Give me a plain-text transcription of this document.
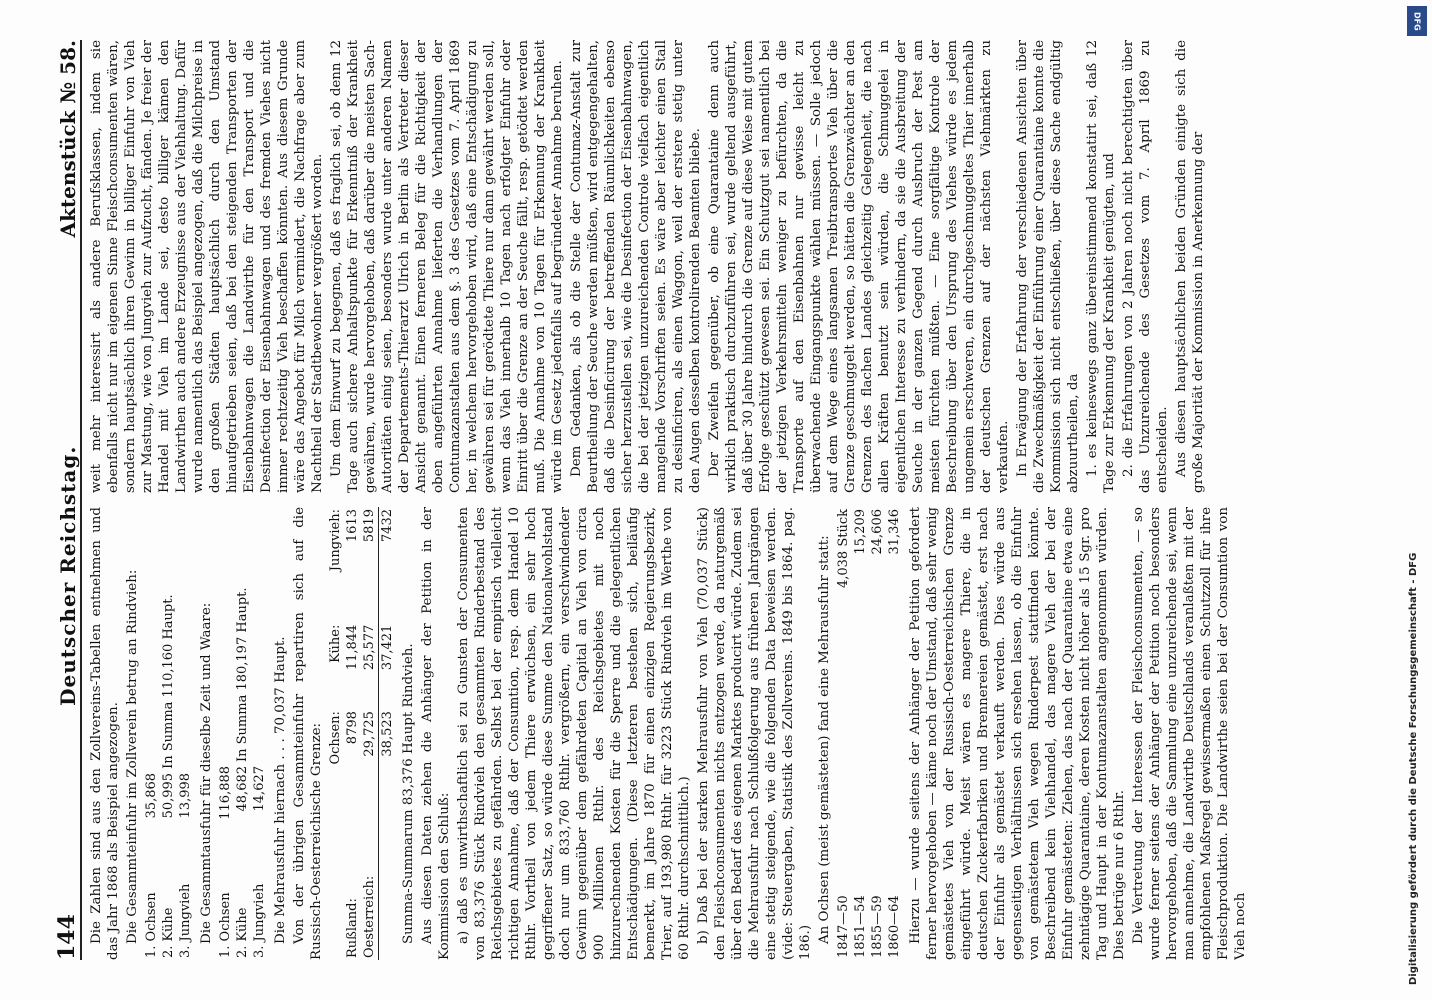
144
Deutscher Reichstag.
Aktenstück № 58.

Die Zahlen sind aus den Zollvereins-Tabellen entnehmen und das Jahr 1868 als Beispiel angezogen. Die Gesammteinfuhr im Zollverein betrug an Rindvieh: 1. Ochsen	35,868	
2. Kühe	50,995	In Summa 110,160 Haupt.
3. Jungvieh	13,998	Die Gesammtausfuhr für dieselbe Zeit und Waare: 1. Ochsen	116,888	
2. Kühe	48,682	In Summa 180,197 Haupt.
3. Jungvieh	14,627	Die Mehrausfuhr hiernach . . . 70,037 Haupt. Von der übrigen Gesammteinfuhr repartiren sich auf die Russisch-Oesterreichische Grenze:

	Ochsen:	Kühe:	Jungvieh:
Rußland:	8798	11,844	1613
Oesterreich:	29,725	25,577	5819
	38,523	37,421	7432

Summa-Summarum 83,376 Haupt Rindvieh. Aus diesen Daten ziehen die Anhänger der Petition in der Kommission den Schluß: a) daß es unwirthschaftlich sei zu Gunsten der Consumenten von 83,376 Stück Rindvieh den gesammten Rinderbestand des Reichsgebietes zu gefährden. Selbst bei der empirisch vielleicht richtigen Annahme, daß der Consumtion, resp. dem Handel 10 Rthlr. Vortheil von jedem Thiere erwüchsen, ein sehr hoch gegriffener Satz, so würde diese Summe den Nationalwohlstand doch nur um 833,760 Rthlr. vergrößern, ein verschwindender Gewinn gegenüber dem gefährdeten Capital an Vieh von circa 900 Millionen Rthlr. des Reichsgebietes mit noch hinzurechnenden Kosten für die Sperre und die gelegentlichen Entschädigungen. (Diese letzteren bestehen sich, beiläufig bemerkt, im Jahre 1870 für einen einzigen Regierungsbezirk, Trier, auf 193,980 Rthlr. für 3223 Stück Rindvieh im Werthe von 60 Rthlr. durchschnittlich.) b) Daß bei der starken Mehrausfuhr von Vieh (70,037 Stück) den Fleischconsumenten nichts entzogen werde, da naturgemäß über den Bedarf des eigenen Marktes producirt würde. Zudem sei die Mehrausfuhr nach Schlußfolgerung aus früheren Jahrgängen eine stetig steigende, wie die folgenden Data beweisen werden. (vide: Steuergaben, Statistik des Zollvereins. 1849 bis 1864. pag. 186.) An Ochsen (meist gemästeten) fand eine Mehrausfuhr statt: 1847—50	4,038 Stück
1851—54	15,209
1855—59	24,606
1860—64	31,346 Hierzu — wurde seitens der Anhänger der Petition gefordert ferner hervorgehoben — käme noch der Umstand, daß sehr wenig gemästetes Vieh von der Russisch-Oesterreichischen Grenze eingeführt würde. Meist wären es magere Thiere, die in deutschen Zuckerfabriken und Brennereien gemästet, erst nach der Einfuhr als gemästet verkauft werden. Dies würde aus gegenseitigen Verhältnissen sich ersehen lassen, ob die Einfuhr von gemästetem Vieh wegen Rinderpest stattfinden könnte. Beschreibend kein Viehhandel, das magere Vieh der bei der Einfuhr gemästeten: Ziehen, das nach der Quarantaine etwa eine zehntägige Quarantaine, deren Kosten nicht höher als 15 Sgr. pro Tag und Haupt in der Kontumazanstalten angenommen würden. Dies betrüge nur 6 Rthlr. Die Vertretung der Interessen der Fleischconsumenten, — so wurde ferner seitens der Anhänger der Petition noch besonders hervorgehoben, daß die Sammlung eine unzureichende sei, wenn man annehme, die Landwirthe Deutschlands veranlaßten mit der empfohlenen Maßregel gewissermaßen einen Schutzzoll für ihre Fleischproduktion. Die Landwirthe seien bei der Consumtion von Vieh noch

weit mehr interessirt als andere Berufsklassen, indem sie ebenfalls nicht nur im eigenen Sinne Fleischconsumenten wären, sondern hauptsächlich ihren Gewinn in billiger Einfuhr von Vieh zur Mastung, wie von Jungvieh zur Aufzucht, fänden. Je freier der Handel mit Vieh im Lande sei, desto billiger kämen den Landwirthen auch andere Erzeugnisse aus der Viehhaltung. Dafür wurde namentlich das Beispiel angezogen, daß die Milchpreise in den großen Städten hauptsächlich durch den Umstand hinaufgetrieben seien, daß bei den steigenden Transporten der Eisenbahnwagen die Landwirthe für den Transport und die Desinfection der Eisenbahnwagen und des fremden Viehes nicht immer rechtzeitig Vieh beschaffen könnten. Aus diesem Grunde wäre das Angebot für Milch vermindert, die Nachfrage aber zum Nachtheil der Stadtbewohner vergrößert worden. Um dem Einwurf zu begegnen, daß es fraglich sei, ob denn 12 Tage auch sichere Anhaltspunkte für Erkenntniß der Krankheit gewähren, wurde hervorgehoben, daß darüber die meisten Sach-Autoritäten einig seien, besonders wurde unter anderen Namen der Departements-Thierarzt Ulrich in Berlin als Vertreter dieser Ansicht genannt. Einen ferneren Beleg für die Richtigkeit der oben angeführten Annahme lieferten die Verhandlungen der Contumazanstalten aus dem §. 3 des Gesetzes vom 7. April 1869 her, in welchem hervorgehoben wird, daß eine Entschädigung zu gewähren sei für gerödtete Thiere nur dann gewährt werden soll, wenn das Vieh innerhalb 10 Tagen nach erfolgter Einfuhr oder Einritt über die Grenze an der Seuche fällt, resp. getödtet werden muß. Die Annahme von 10 Tagen für Erkennung der Krankheit würde im Gesetz jedenfalls auf begründeter Annahme beruhen. Dem Gedanken, als ob die Stelle der Contumaz-Anstalt zur Beurtheilung der Seuche werden müßten, wird entgegengehalten, daß die Desinficirung der betreffenden Räumlichkeiten ebenso sicher herzustellen sei, wie die Desinfection der Eisenbahnwagen, die bei der jetzigen unzureichenden Controle vielfach eigentlich mangelnde Vorschriften seien. Es wäre aber leichter einen Stall zu desinficiren, als einen Waggon, weil der erstere stetig unter den Augen desselben kontrolirenden Beamten bliebe. Der Zweifeln gegenüber, ob eine Quarantaine denn auch wirklich praktisch durchzuführen sei, wurde geltend ausgeführt, daß über 30 Jahre hindurch die Grenze auf diese Weise mit gutem Erfolge geschützt gewesen sei. Ein Schutzgut sei namentlich bei der jetzigen Verkehrsmitteln weniger zu befürchten, da die Transporte auf den Eisenbahnen nur gewisse leicht zu überwachende Eingangspunkte wählen müssen. — Solle jedoch auf dem Wege eines langsamen Treibtransportes Vieh über die Grenze geschmuggelt werden, so hätten die Grenzwächter an den Grenzen des flachen Landes gleichzeitig Gelegenheit, die nach allen Kräften benutzt sein würden, die Schmuggelei in eigentlichen Interesse zu verhindern, da sie die Ausbreitung der Seuche in der ganzen Gegend durch Ausbruch der Pest am meisten fürchten müßten. — Eine sorgfältige Kontrole der Beschreibung über den Ursprung des Viehes würde es jedem ungemein erschweren, ein durchgeschmuggeltes Thier innerhalb der deutschen Grenzen auf der nächsten Viehmärkten zu verkaufen. In Erwägung der Erfahrung der verschiedenen Ansichten über die Zweckmäßigkeit der Einführung einer Quarantaine konnte die Kommission sich nicht entschließen, über diese Sache endgültig abzuurtheilen, da 1. es keineswegs ganz übereinstimmend konstatirt sei, daß 12 Tage zur Erkennung der Krankheit genügten, und 2. die Erfahrungen von 2 Jahren noch nicht berechtigten über das Unzureichende des Gesetzes vom 7. April 1869 zu entscheiden. Aus diesen hauptsächlichen beiden Gründen einigte sich die große Majorität der Kommission in Anerkennung der

DFG
Digitalisierung gefördert durch die Deutsche Forschungsgemeinschaft - DFG
